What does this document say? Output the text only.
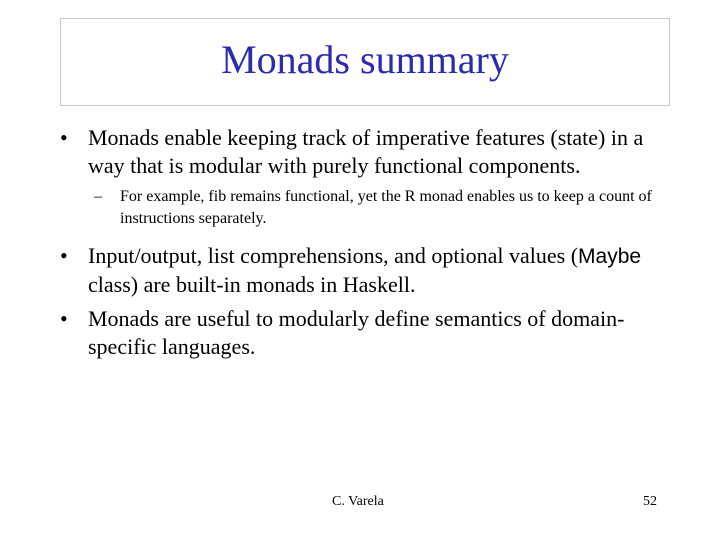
Monads summary
• Monads enable keeping track of imperative features (state) in a way that is modular with purely functional components.
– For example, fib remains functional, yet the R monad enables us to keep a count of instructions separately.
• Input/output, list comprehensions, and optional values (Maybe class) are built-in monads in Haskell.
• Monads are useful to modularly define semantics of domain-specific languages.
C. Varela	52
